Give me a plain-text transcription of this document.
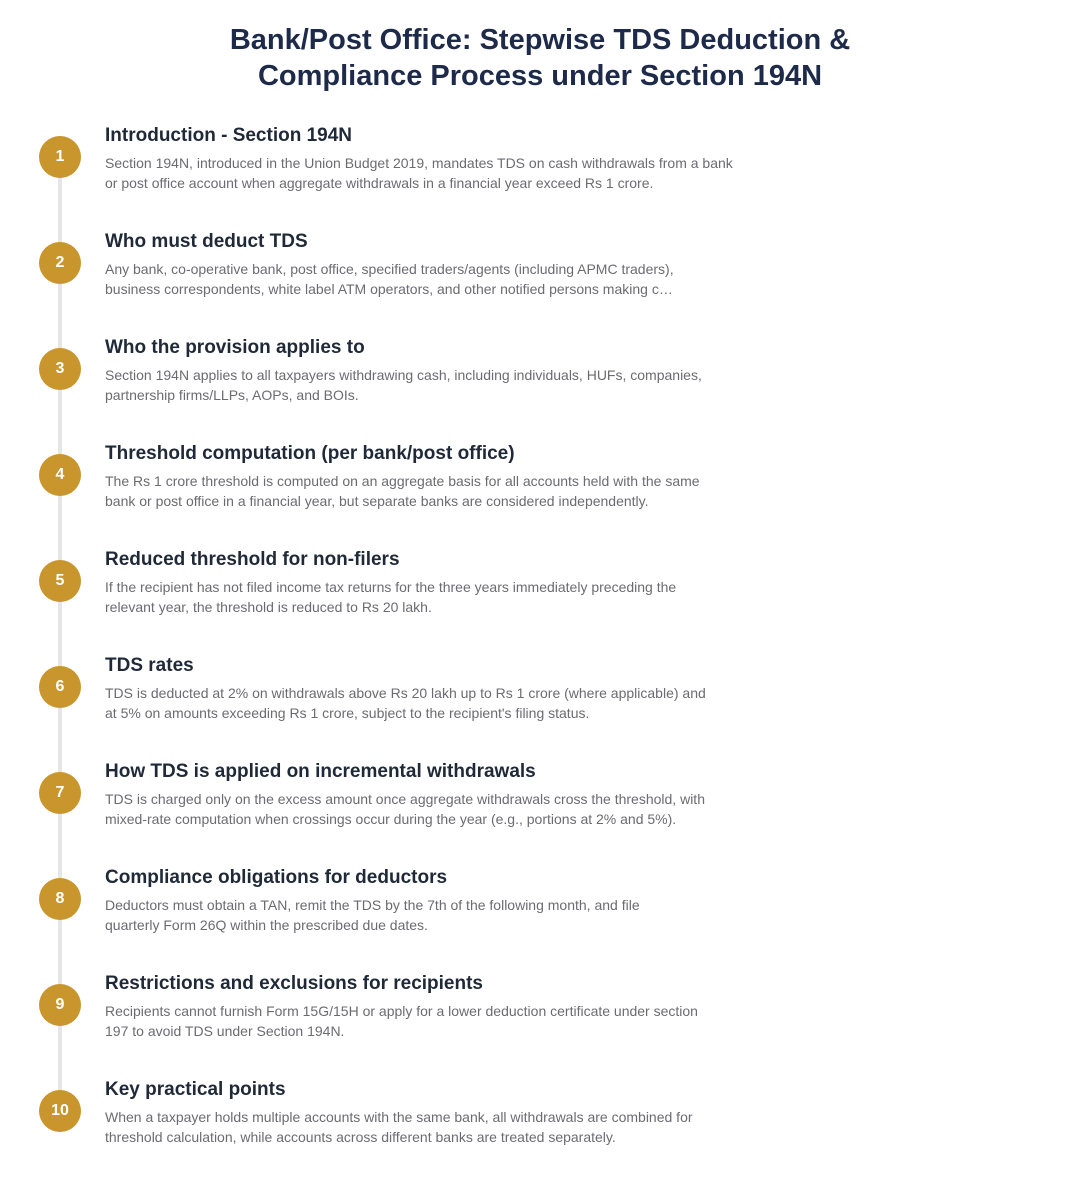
Bank/Post Office: Stepwise TDS Deduction &
Compliance Process under Section 194N
1
Introduction - Section 194N
Section 194N, introduced in the Union Budget 2019, mandates TDS on cash withdrawals from a bank
or post office account when aggregate withdrawals in a financial year exceed Rs 1 crore.
2
Who must deduct TDS
Any bank, co-operative bank, post office, specified traders/agents (including APMC traders),
business correspondents, white label ATM operators, and other notified persons making c…
3
Who the provision applies to
Section 194N applies to all taxpayers withdrawing cash, including individuals, HUFs, companies,
partnership firms/LLPs, AOPs, and BOIs.
4
Threshold computation (per bank/post office)
The Rs 1 crore threshold is computed on an aggregate basis for all accounts held with the same
bank or post office in a financial year, but separate banks are considered independently.
5
Reduced threshold for non-filers
If the recipient has not filed income tax returns for the three years immediately preceding the
relevant year, the threshold is reduced to Rs 20 lakh.
6
TDS rates
TDS is deducted at 2% on withdrawals above Rs 20 lakh up to Rs 1 crore (where applicable) and
at 5% on amounts exceeding Rs 1 crore, subject to the recipient's filing status.
7
How TDS is applied on incremental withdrawals
TDS is charged only on the excess amount once aggregate withdrawals cross the threshold, with
mixed-rate computation when crossings occur during the year (e.g., portions at 2% and 5%).
8
Compliance obligations for deductors
Deductors must obtain a TAN, remit the TDS by the 7th of the following month, and file
quarterly Form 26Q within the prescribed due dates.
9
Restrictions and exclusions for recipients
Recipients cannot furnish Form 15G/15H or apply for a lower deduction certificate under section
197 to avoid TDS under Section 194N.
10
Key practical points
When a taxpayer holds multiple accounts with the same bank, all withdrawals are combined for
threshold calculation, while accounts across different banks are treated separately.
